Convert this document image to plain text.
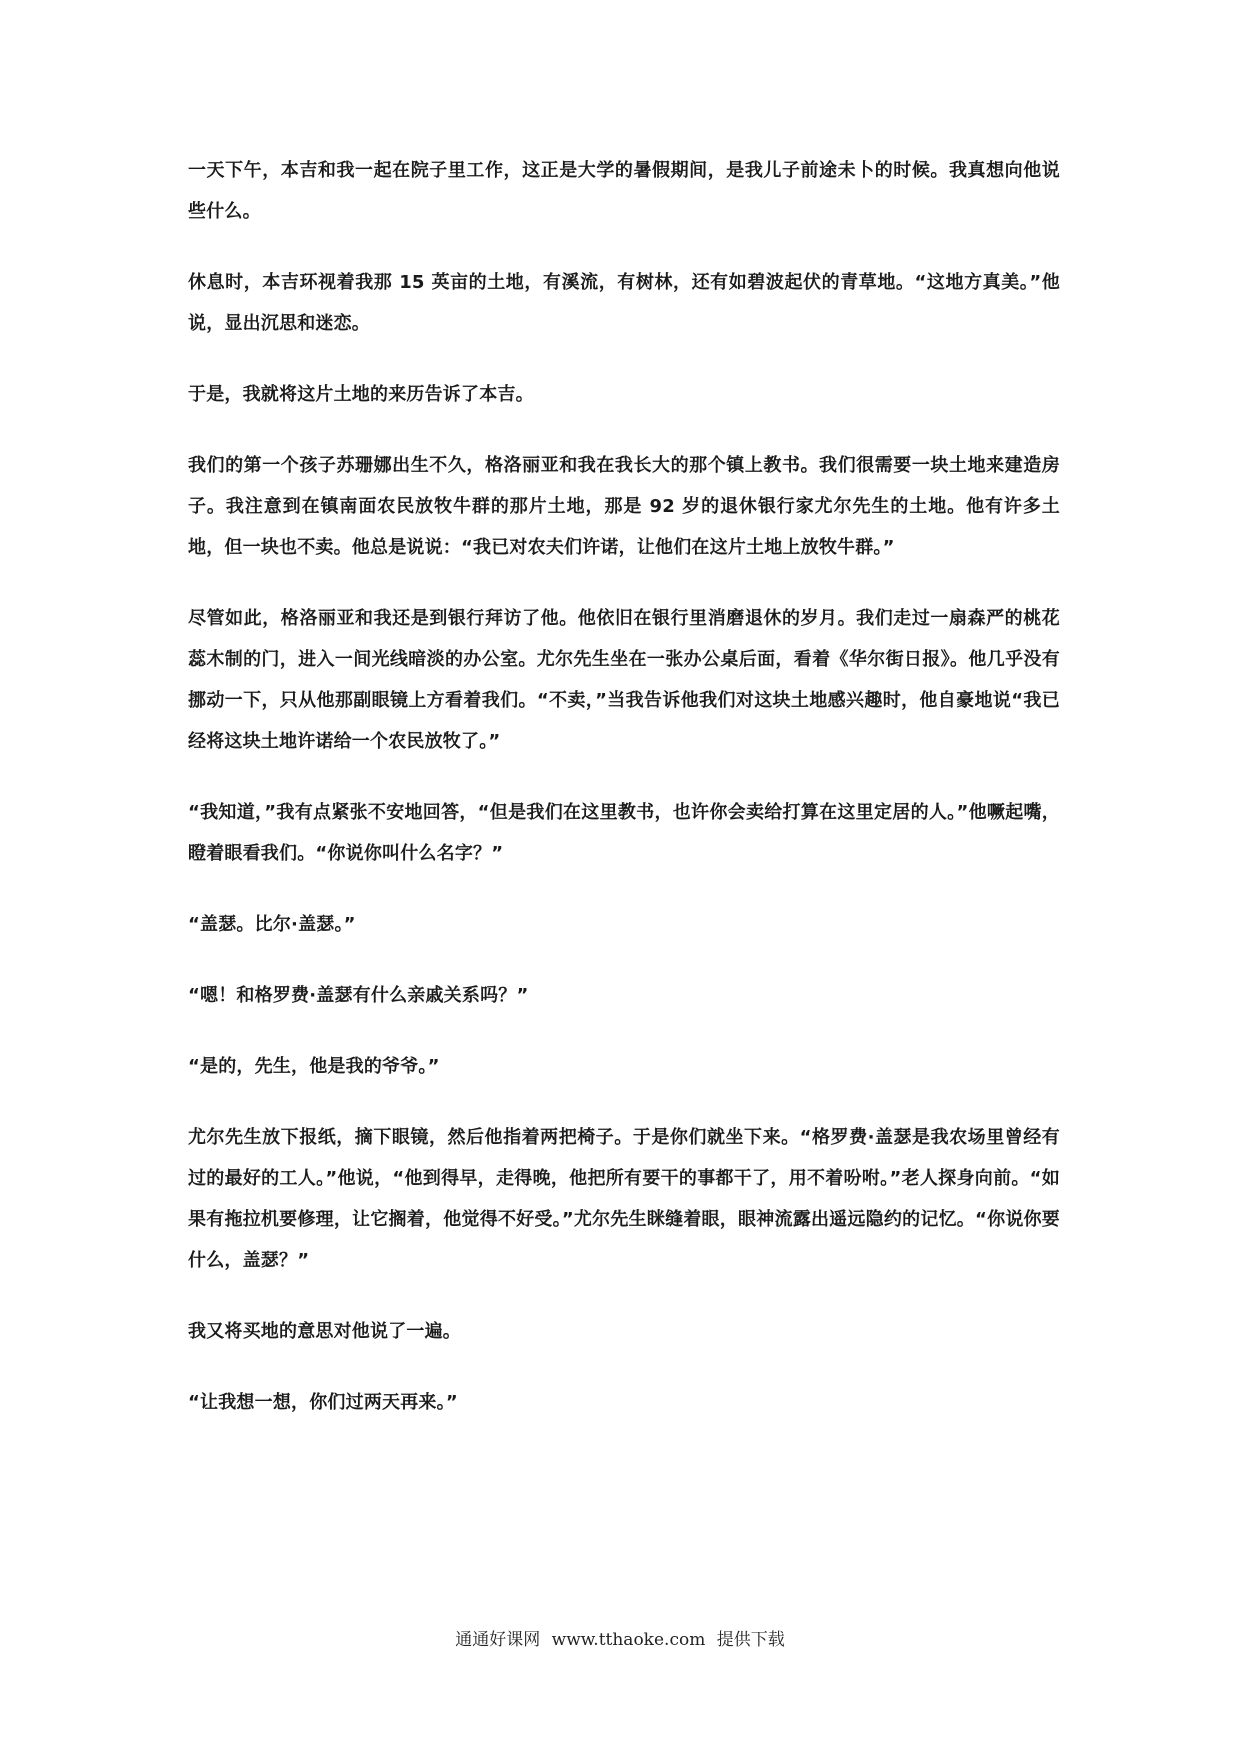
一天下午，本吉和我一起在院子里工作，这正是大学的暑假期间，是我儿子前途未卜的时候。我真想向他说些什么。

休息时，本吉环视着我那 15 英亩的土地，有溪流，有树林，还有如碧波起伏的青草地。“这地方真美。”他说，显出沉思和迷恋。

于是，我就将这片土地的来历告诉了本吉。

我们的第一个孩子苏珊娜出生不久，格洛丽亚和我在我长大的那个镇上教书。我们很需要一块土地来建造房子。我注意到在镇南面农民放牧牛群的那片土地，那是 92 岁的退休银行家尤尔先生的土地。他有许多土地，但一块也不卖。他总是说说：“我已对农夫们许诺，让他们在这片土地上放牧牛群。”

尽管如此，格洛丽亚和我还是到银行拜访了他。他依旧在银行里消磨退休的岁月。我们走过一扇森严的桃花蕊木制的门，进入一间光线暗淡的办公室。尤尔先生坐在一张办公桌后面，看着《华尔街日报》。他几乎没有挪动一下，只从他那副眼镜上方看着我们。“不卖，”当我告诉他我们对这块土地感兴趣时，他自豪地说“我已经将这块土地许诺给一个农民放牧了。”

“我知道，”我有点紧张不安地回答，“但是我们在这里教书，也许你会卖给打算在这里定居的人。”他噘起嘴，瞪着眼看我们。“你说你叫什么名字？”

“盖瑟。比尔·盖瑟。”

“嗯！和格罗费·盖瑟有什么亲戚关系吗？”

“是的，先生，他是我的爷爷。”

尤尔先生放下报纸，摘下眼镜，然后他指着两把椅子。于是你们就坐下来。“格罗费·盖瑟是我农场里曾经有过的最好的工人。”他说，“他到得早，走得晚，他把所有要干的事都干了，用不着吩咐。”老人探身向前。“如果有拖拉机要修理，让它搁着，他觉得不好受。”尤尔先生眯缝着眼，眼神流露出遥远隐约的记忆。“你说你要什么，盖瑟？”

我又将买地的意思对他说了一遍。

“让我想一想，你们过两天再来。”

通通好课网 www.tthaoke.com 提供下载
